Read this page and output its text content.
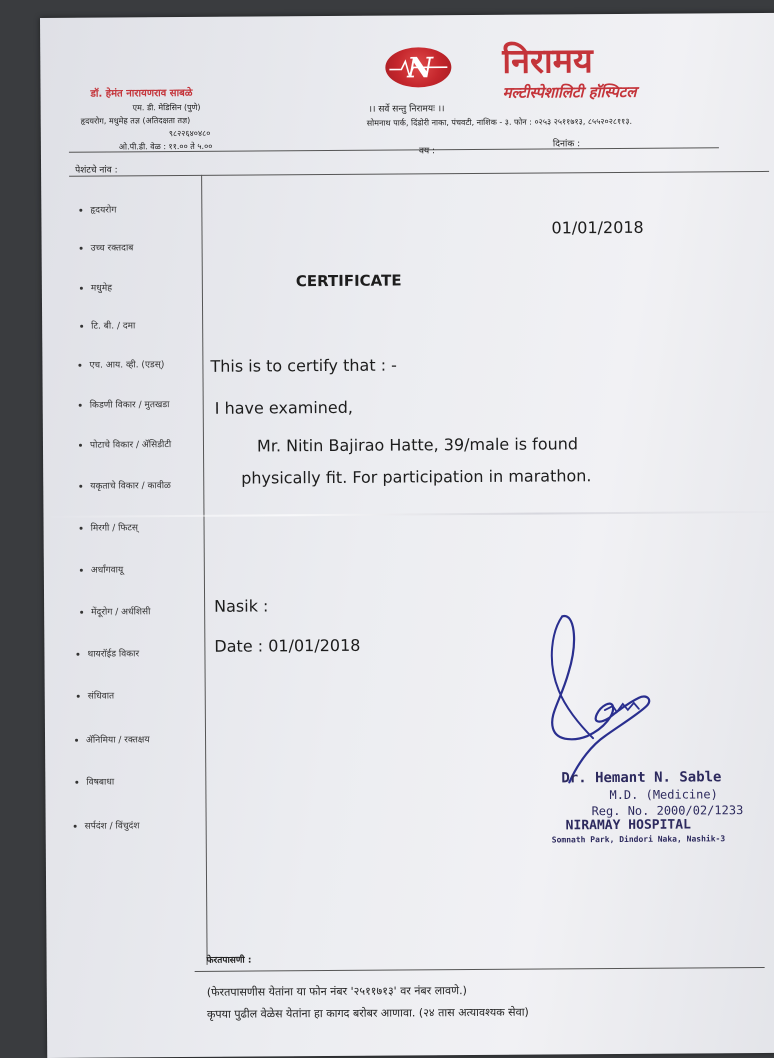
डॉ. हेमंत नारायणराव साबळे
एम. डी. मेडिसिन (पुणे)
हृदयरोग, मधुमेह तज्ञ (अतिदक्षता तज्ञ)
९८२२६४०४८०
ओ.पी.डी. वेळ : ११.०० ते ५.००
N
।। सर्वे सन्तु निरामयः ।।
निरामय
मल्टीस्पेशालिटी हॉस्पिटल
सोमनाथ पार्क, दिंडोरी नाका, पंचवटी, नाशिक - ३. फोन : ०२५३ २५११७१३, ८५५२०२८११३.
वय :
दिनांक :
पेशंटचे नांव :
हृदयरोग
उच्च रक्तदाब
मधुमेह
टि. बी. / दमा
एच. आय. व्ही. (एडस्)
किडणी विकार / मुतखडा
पोटाचे विकार / ॲसिडीटी
यकृताचे विकार / कावीळ
मिरगी / फिटस्
अर्धांगवायू
मेंदूरोग / अर्धशिसी
थायरॉईड विकार
संधिवात
ॲनिमिया / रक्तक्षय
विषबाधा
सर्पदंश / विंचुदंश
01/01/2018
CERTIFICATE
This is to certify that : -
I have examined,
Mr. Nitin Bajirao Hatte, 39/male is found
physically fit. For participation in marathon.
Nasik :
Date : 01/01/2018
Dr. Hemant N. Sable
M.D. (Medicine)
Reg. No. 2000/02/1233
NIRAMAY HOSPITAL
Somnath Park, Dindori Naka, Nashik-3
फेरतपासणी :
(फेरतपासणीस येतांना या फोन नंबर '२५११७१३' वर नंबर लावणे.)
कृपया पुढील वेळेस येतांना हा कागद बरोबर आणावा. (२४ तास अत्यावश्यक सेवा)
